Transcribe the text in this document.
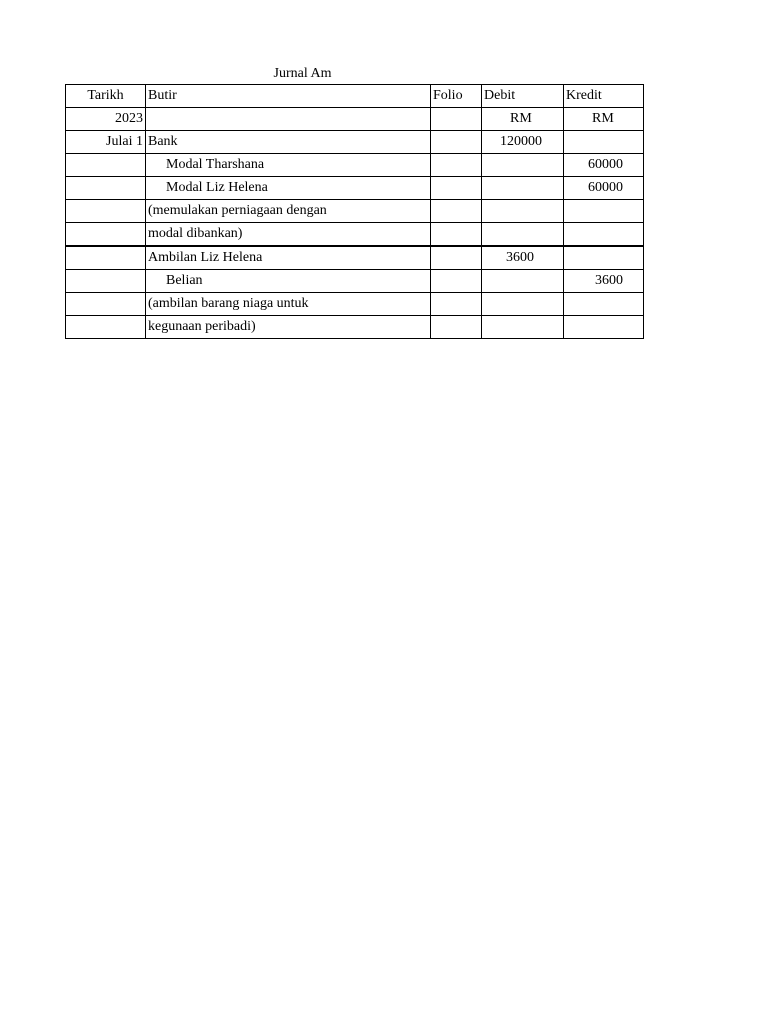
Jurnal Am
Tarikh	Butir	Folio	Debit	Kredit
2023			RM	RM
Julai 1	Bank		120000	
	Modal Tharshana			60000
	Modal Liz Helena			60000
	(memulakan perniagaan dengan			
	modal dibankan)			
	Ambilan Liz Helena		3600	
	Belian			3600
	(ambilan barang niaga untuk			
	kegunaan peribadi)			
